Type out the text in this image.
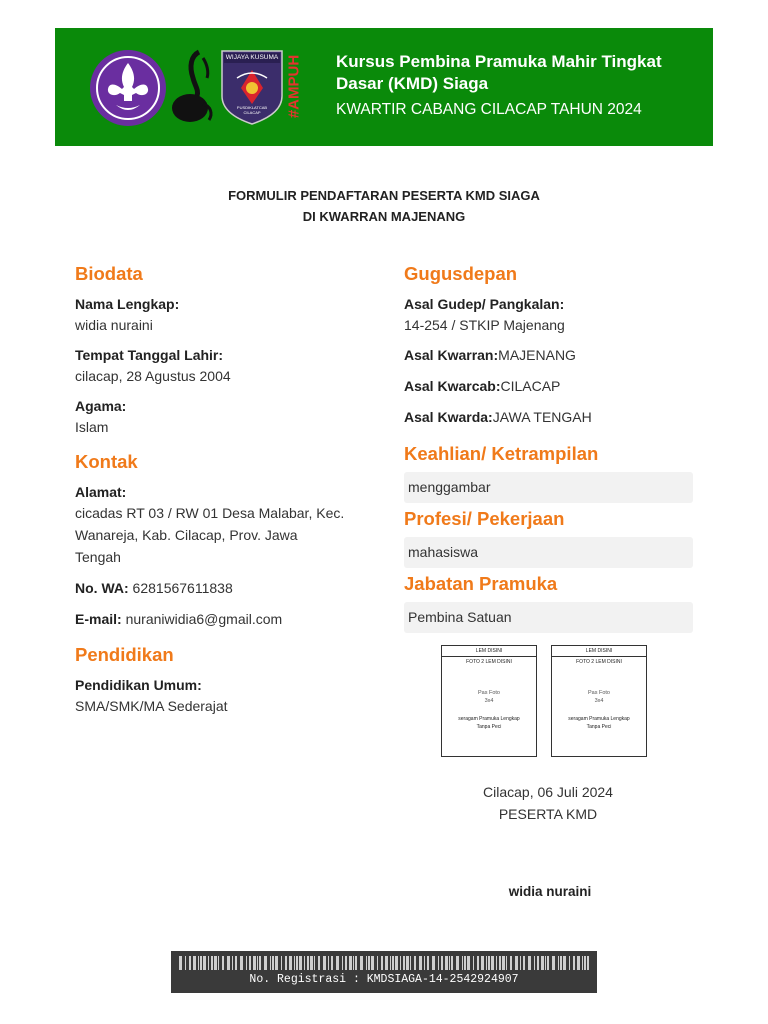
WIJAYA KUSUMA
PUSDIKLATCAB CILACAP	#AMPUH Kursus Pembina Pramuka Mahir Tingkat Dasar (KMD) Siaga
KWARTIR CABANG CILACAP TAHUN 2024
FORMULIR PENDAFTARAN PESERTA KMD SIAGA
DI KWARRAN MAJENANG
Biodata
Nama Lengkap:
widia nuraini
Tempat Tanggal Lahir:
cilacap, 28 Agustus 2004
Agama:
Islam
Kontak
Alamat:
cicadas RT 03 / RW 01 Desa Malabar, Kec.
Wanareja, Kab. Cilacap, Prov. Jawa
Tengah
No. WA: 6281567611838
E-mail: nuraniwidia6@gmail.com
Pendidikan
Pendidikan Umum:
SMA/SMK/MA Sederajat
Gugusdepan
Asal Gudep/ Pangkalan:
14-254 / STKIP Majenang
Asal Kwarran:MAJENANG
Asal Kwarcab:CILACAP
Asal Kwarda:JAWA TENGAH
Keahlian/ Ketrampilan
menggambar
Profesi/ Pekerjaan
mahasiswa
Jabatan Pramuka
Pembina Satuan
LEM DISINI
FOTO 2 LEM DISINI
Pas Foto
3x4
seragam Pramuka Lengkap
Tanpa Peci
LEM DISINI
FOTO 2 LEM DISINI
Pas Foto
3x4
seragam Pramuka Lengkap
Tanpa Peci
Cilacap, 06 Juli 2024
PESERTA KMD
widia nuraini
No. Registrasi : KMDSIAGA-14-2542924907
